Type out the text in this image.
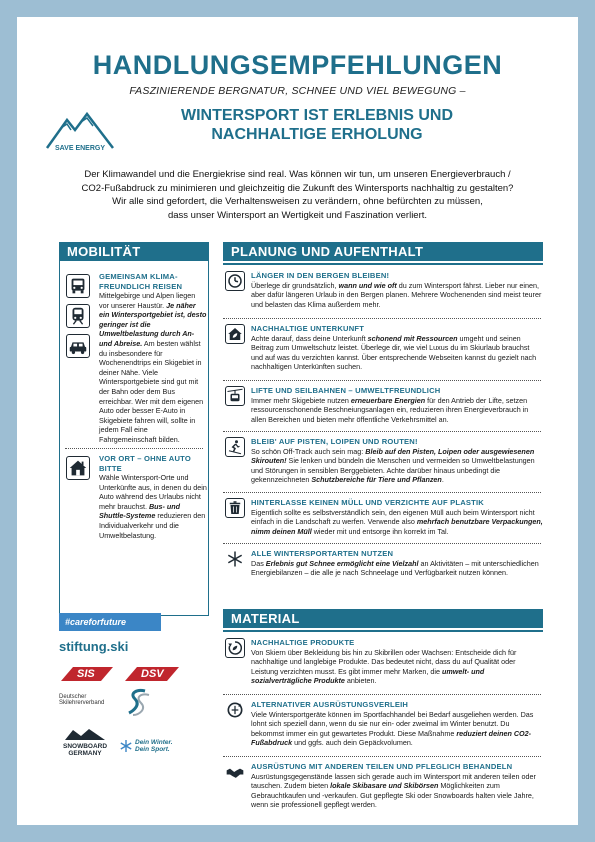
HANDLUNGSEMPFEHLUNGEN
FASZINIERENDE BERGNATUR, SCHNEE UND VIEL BEWEGUNG –
SAVE ENERGY
WINTERSPORT IST ERLEBNIS UND
NACHHALTIGE ERHOLUNG
Der Klimawandel und die Energiekrise sind real. Was können wir tun, um unseren Energieverbrauch /
CO2-Fußabdruck zu minimieren und gleichzeitig die Zukunft des Wintersports nachhaltig zu gestalten?
Wir alle sind gefordert, die Verhaltensweisen zu verändern, ohne befürchten zu müssen,
dass unser Wintersport an Wertigkeit und Faszination verliert.
MOBILITÄT
GEMEINSAM KLIMA-FREUNDLICH REISEN
Mittelgebirge und Alpen liegen vor unserer Haustür. Je näher ein Wintersportgebiet ist, desto geringer ist die Umweltbelastung durch An- und Abreise. Am besten wählst du insbesondere für Wochenendtrips ein Skigebiet in deiner Nähe. Viele Wintersportgebiete sind gut mit der Bahn oder dem Bus erreichbar. Wer mit dem eigenen Auto oder besser E-Auto in Skigebiete fahren will, sollte in jedem Fall eine Fahrgemeinschaft bilden.
VOR ORT – OHNE AUTO BITTE
Wähle Wintersport-Orte und Unterkünfte aus, in denen du dein Auto während des Urlaubs nicht mehr brauchst. Bus- und Shuttle-Systeme reduzieren den Individualverkehr und die Umweltbelastung.
PLANUNG UND AUFENTHALT
LÄNGER IN DEN BERGEN BLEIBEN!
Überlege dir grundsätzlich, wann und wie oft du zum Wintersport fährst. Lieber nur einen, aber dafür längeren Urlaub in den Bergen planen. Mehrere Wochenenden sind meist teurer und belasten das Klima außerdem mehr.
NACHHALTIGE UNTERKUNFT
Achte darauf, dass deine Unterkunft schonend mit Ressourcen umgeht und seinen Beitrag zum Umweltschutz leistet. Überlege dir, wie viel Luxus du im Skiurlaub brauchst und auf was du verzichten kannst. Über entsprechende Webseiten kannst du gezielt nach nachhaltigen Unterkünften suchen.
LIFTE UND SEILBAHNEN – UMWELTFREUNDLICH
Immer mehr Skigebiete nutzen erneuerbare Energien für den Antrieb der Lifte, setzen ressourcenschonende Beschneiungsanlagen ein, reduzieren ihren Energieverbrauch in allen Bereichen und bieten mehr öffentliche Verkehrsmittel an.
BLEIB' AUF PISTEN, LOIPEN UND ROUTEN!
So schön Off-Track auch sein mag: Bleib auf den Pisten, Loipen oder ausgewiesenen Skirouten! Sie lenken und bündeln die Menschen und vermeiden so Umweltbelastungen und Störungen in sensiblen Berggebieten. Achte darüber hinaus unbedingt die gekennzeichneten Schutzbereiche für Tiere und Pflanzen.
HINTERLASSE KEINEN MÜLL UND VERZICHTE AUF PLASTIK
Eigentlich sollte es selbstverständlich sein, den eigenen Müll auch beim Wintersport nicht einfach in die Landschaft zu werfen. Verwende also mehrfach benutzbare Verpackungen, nimm deinen Müll wieder mit und entsorge ihn korrekt im Tal.
ALLE WINTERSPORTARTEN NUTZEN
Das Erlebnis gut Schnee ermöglicht eine Vielzahl an Aktivitäten – mit unterschiedlichen Energiebilanzen – die alle je nach Schneelage und Verfügbarkeit nutzen können.
MATERIAL
NACHHALTIGE PRODUKTE
Von Skiern über Bekleidung bis hin zu Skibrillen oder Wachsen: Entscheide dich für nachhaltige und langlebige Produkte. Das bedeutet nicht, dass du auf Qualität oder Leistung verzichten musst. Es gibt immer mehr Marken, die umwelt- und sozialverträgliche Produkte anbieten.
ALTERNATIVER AUSRÜSTUNGSVERLEIH
Viele Wintersportgeräte können im Sportfachhandel bei Bedarf ausgeliehen werden. Das lohnt sich speziell dann, wenn du sie nur ein- oder zweimal im Winter benutzt. Du bekommst immer ein gut gewartetes Produkt. Diese Maßnahme reduziert deinen CO2-Fußabdruck und ggfs. auch dein Gepäckvolumen.
AUSRÜSTUNG MIT ANDEREN TEILEN UND PFLEGLICH BEHANDELN
Ausrüstungsgegenstände lassen sich gerade auch im Wintersport mit anderen teilen oder tauschen. Zudem bieten lokale Skibasare und Skibörsen Möglichkeiten zum Gebrauchtkaufen und -verkaufen. Gut gepflegte Ski oder Snowboards halten viele Jahre, wenn sie professionell gepflegt werden.
#careforfuture
stiftung.ski
SIS	DSV
Deutscher Skilehrerverband
SNOWBOARD GERMANY
Dein Winter. Dein Sport.
